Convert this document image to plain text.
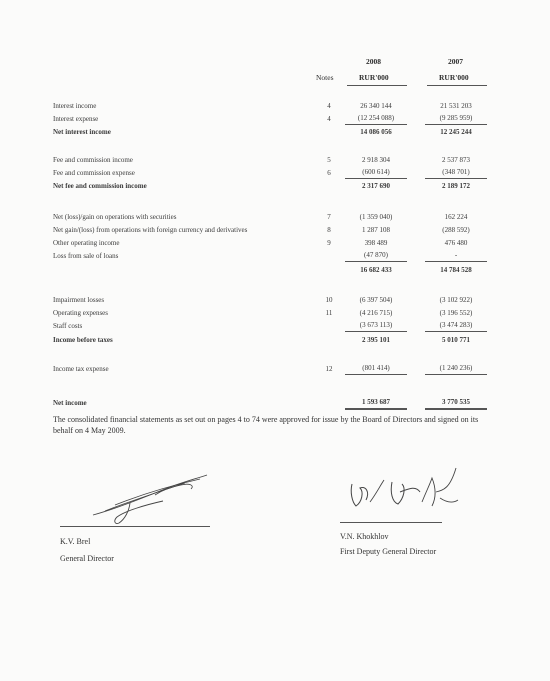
2008	2007
Notes	RUR'000	RUR'000
Interest income	4	26 340 144	21 531 203
Interest expense	4	(12 254 088)	(9 285 959)
Net interest income	14 086 056	12 245 244
Fee and commission income	5	2 918 304	2 537 873
Fee and commission expense	6	(600 614)	(348 701)
Net fee and commission income	2 317 690	2 189 172
Net (loss)/gain on operations with securities	7	(1 359 040)	162 224
Net gain/(loss) from operations with foreign currency and derivatives	8	1 287 108	(288 592)
Other operating income	9	398 489	476 480
Loss from sale of loans	(47 870)	-
16 682 433	14 784 528
Impairment losses	10	(6 397 504)	(3 102 922)
Operating expenses	11	(4 216 715)	(3 196 552)
Staff costs	(3 673 113)	(3 474 283)
Income before taxes	2 395 101	5 010 771
Income tax expense	12	(801 414)	(1 240 236)
Net income	1 593 687	3 770 535
The consolidated financial statements as set out on pages 4 to 74 were approved for issue by the Board of Directors and signed on its behalf on 4 May 2009.
K.V. Brel
General Director
V.N. Khokhlov
First Deputy General Director
